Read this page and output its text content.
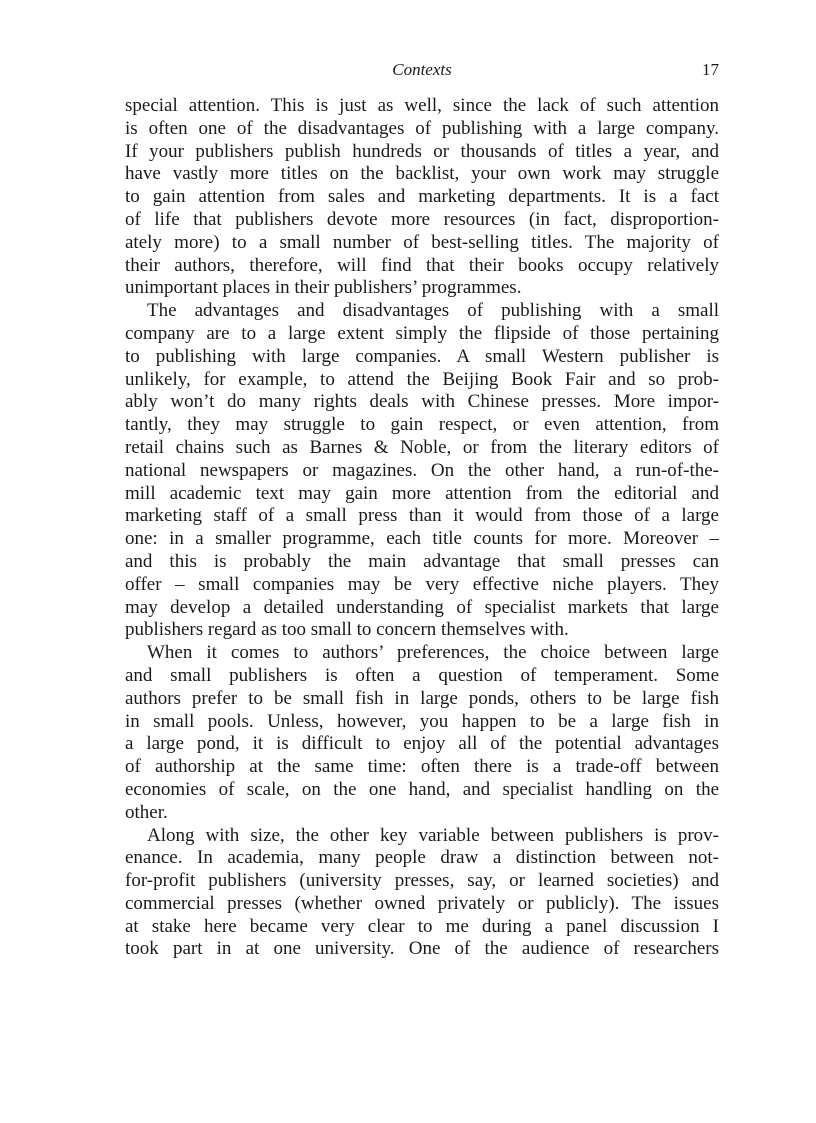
Contexts	17
special attention. This is just as well, since the lack of such attention
is often one of the disadvantages of publishing with a large company.
If your publishers publish hundreds or thousands of titles a year, and
have vastly more titles on the backlist, your own work may struggle
to gain attention from sales and marketing departments. It is a fact
of life that publishers devote more resources (in fact, disproportion-
ately more) to a small number of best-selling titles. The majority of
their authors, therefore, will find that their books occupy relatively
unimportant places in their publishers’ programmes.
The advantages and disadvantages of publishing with a small
company are to a large extent simply the flipside of those pertaining
to publishing with large companies. A small Western publisher is
unlikely, for example, to attend the Beijing Book Fair and so prob-
ably won’t do many rights deals with Chinese presses. More impor-
tantly, they may struggle to gain respect, or even attention, from
retail chains such as Barnes & Noble, or from the literary editors of
national newspapers or magazines. On the other hand, a run-of-the-
mill academic text may gain more attention from the editorial and
marketing staff of a small press than it would from those of a large
one: in a smaller programme, each title counts for more. Moreover –
and this is probably the main advantage that small presses can
offer – small companies may be very effective niche players. They
may develop a detailed understanding of specialist markets that large
publishers regard as too small to concern themselves with.
When it comes to authors’ preferences, the choice between large
and small publishers is often a question of temperament. Some
authors prefer to be small fish in large ponds, others to be large fish
in small pools. Unless, however, you happen to be a large fish in
a large pond, it is difficult to enjoy all of the potential advantages
of authorship at the same time: often there is a trade-off between
economies of scale, on the one hand, and specialist handling on the
other.
Along with size, the other key variable between publishers is prov-
enance. In academia, many people draw a distinction between not-
for-profit publishers (university presses, say, or learned societies) and
commercial presses (whether owned privately or publicly). The issues
at stake here became very clear to me during a panel discussion I
took part in at one university. One of the audience of researchers
